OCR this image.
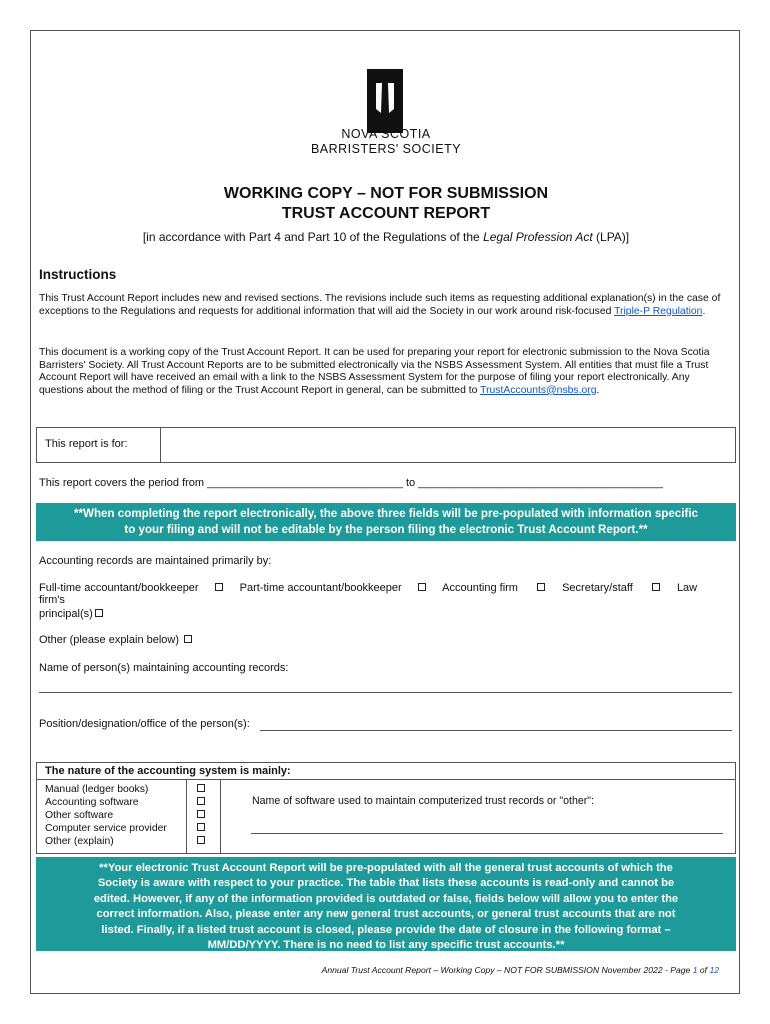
NOVA SCOTIA
BARRISTERS' SOCIETY
WORKING COPY – NOT FOR SUBMISSION
TRUST ACCOUNT REPORT
[in accordance with Part 4 and Part 10 of the Regulations of the Legal Profession Act (LPA)]
Instructions
This Trust Account Report includes new and revised sections. The revisions include such items as requesting additional explanation(s) in the case of exceptions to the Regulations and requests for additional information that will aid the Society in our work around risk-focused Triple-P Regulation.
This document is a working copy of the Trust Account Report. It can be used for preparing your report for electronic submission to the Nova Scotia Barristers' Society. All Trust Account Reports are to be submitted electronically via the NSBS Assessment System. All entities that must file a Trust Account Report will have received an email with a link to the NSBS Assessment System for the purpose of filing your report electronically. Any questions about the method of filing or the Trust Account Report in general, can be submitted to TrustAccounts@nsbs.org.
This report is for:
This report covers the period from ________________________________ to ________________________________________
**When completing the report electronically, the above three fields will be pre-populated with information specific
to your filing and will not be editable by the person filing the electronic Trust Account Report.**
Accounting records are maintained primarily by:
Full-time accountant/bookkeeper	Part-time accountant/bookkeeper	Accounting firm	Secretary/staff	Law firm's
principal(s)
Other (please explain below)
Name of person(s) maintaining accounting records:
Position/designation/office of the person(s):
The nature of the accounting system is mainly:
Manual (ledger books)
Accounting software
Other software
Computer service provider
Other (explain)
Name of software used to maintain computerized trust records or "other":
**Your electronic Trust Account Report will be pre-populated with all the general trust accounts of which the
Society is aware with respect to your practice. The table that lists these accounts is read-only and cannot be
edited. However, if any of the information provided is outdated or false, fields below will allow you to enter the
correct information. Also, please enter any new general trust accounts, or general trust accounts that are not
listed. Finally, if a listed trust account is closed, please provide the date of closure in the following format –
MM/DD/YYYY. There is no need to list any specific trust accounts.**
Annual Trust Account Report – Working Copy – NOT FOR SUBMISSION November 2022 - Page 1 of 12
